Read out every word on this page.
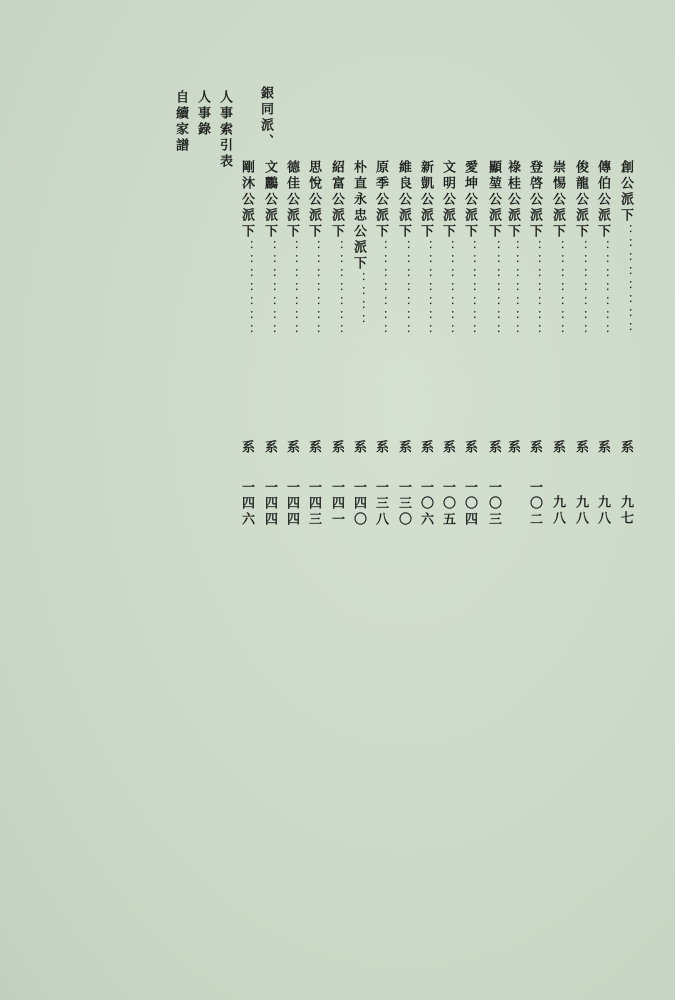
銀同派、
創公派下：：：：：：：：
系
九七
傳伯公派下：：：：：：：
系
九八
俊龍公派下：：：：：：：
系
九八
崇惕公派下：：：：：：：
系
九八
登啓公派下：：：：：：：
系
一〇二
祿桂公派下：：：：：：：
系
顯堃公派下：：：：：：：
系
一〇三
愛坤公派下：：：：：：：
系
一〇四
文明公派下：：：：：：：
系
一〇五
新凱公派下：：：：：：：
系
一〇六
維良公派下：：：：：：：
系
一三〇
原季公派下：：：：：：：
系
一三八
朴直永忠公派下：：：：
系
一四〇
紹富公派下：：：：：：：
系
一四一
思悅公派下：：：：：：：
系
一四三
德佳公派下：：：：：：：
系
一四四
文鸝公派下：：：：：：：
系
一四四
剛沐公派下：：：：：：：
系
一四六
人事索引表
人事錄
自續家譜
